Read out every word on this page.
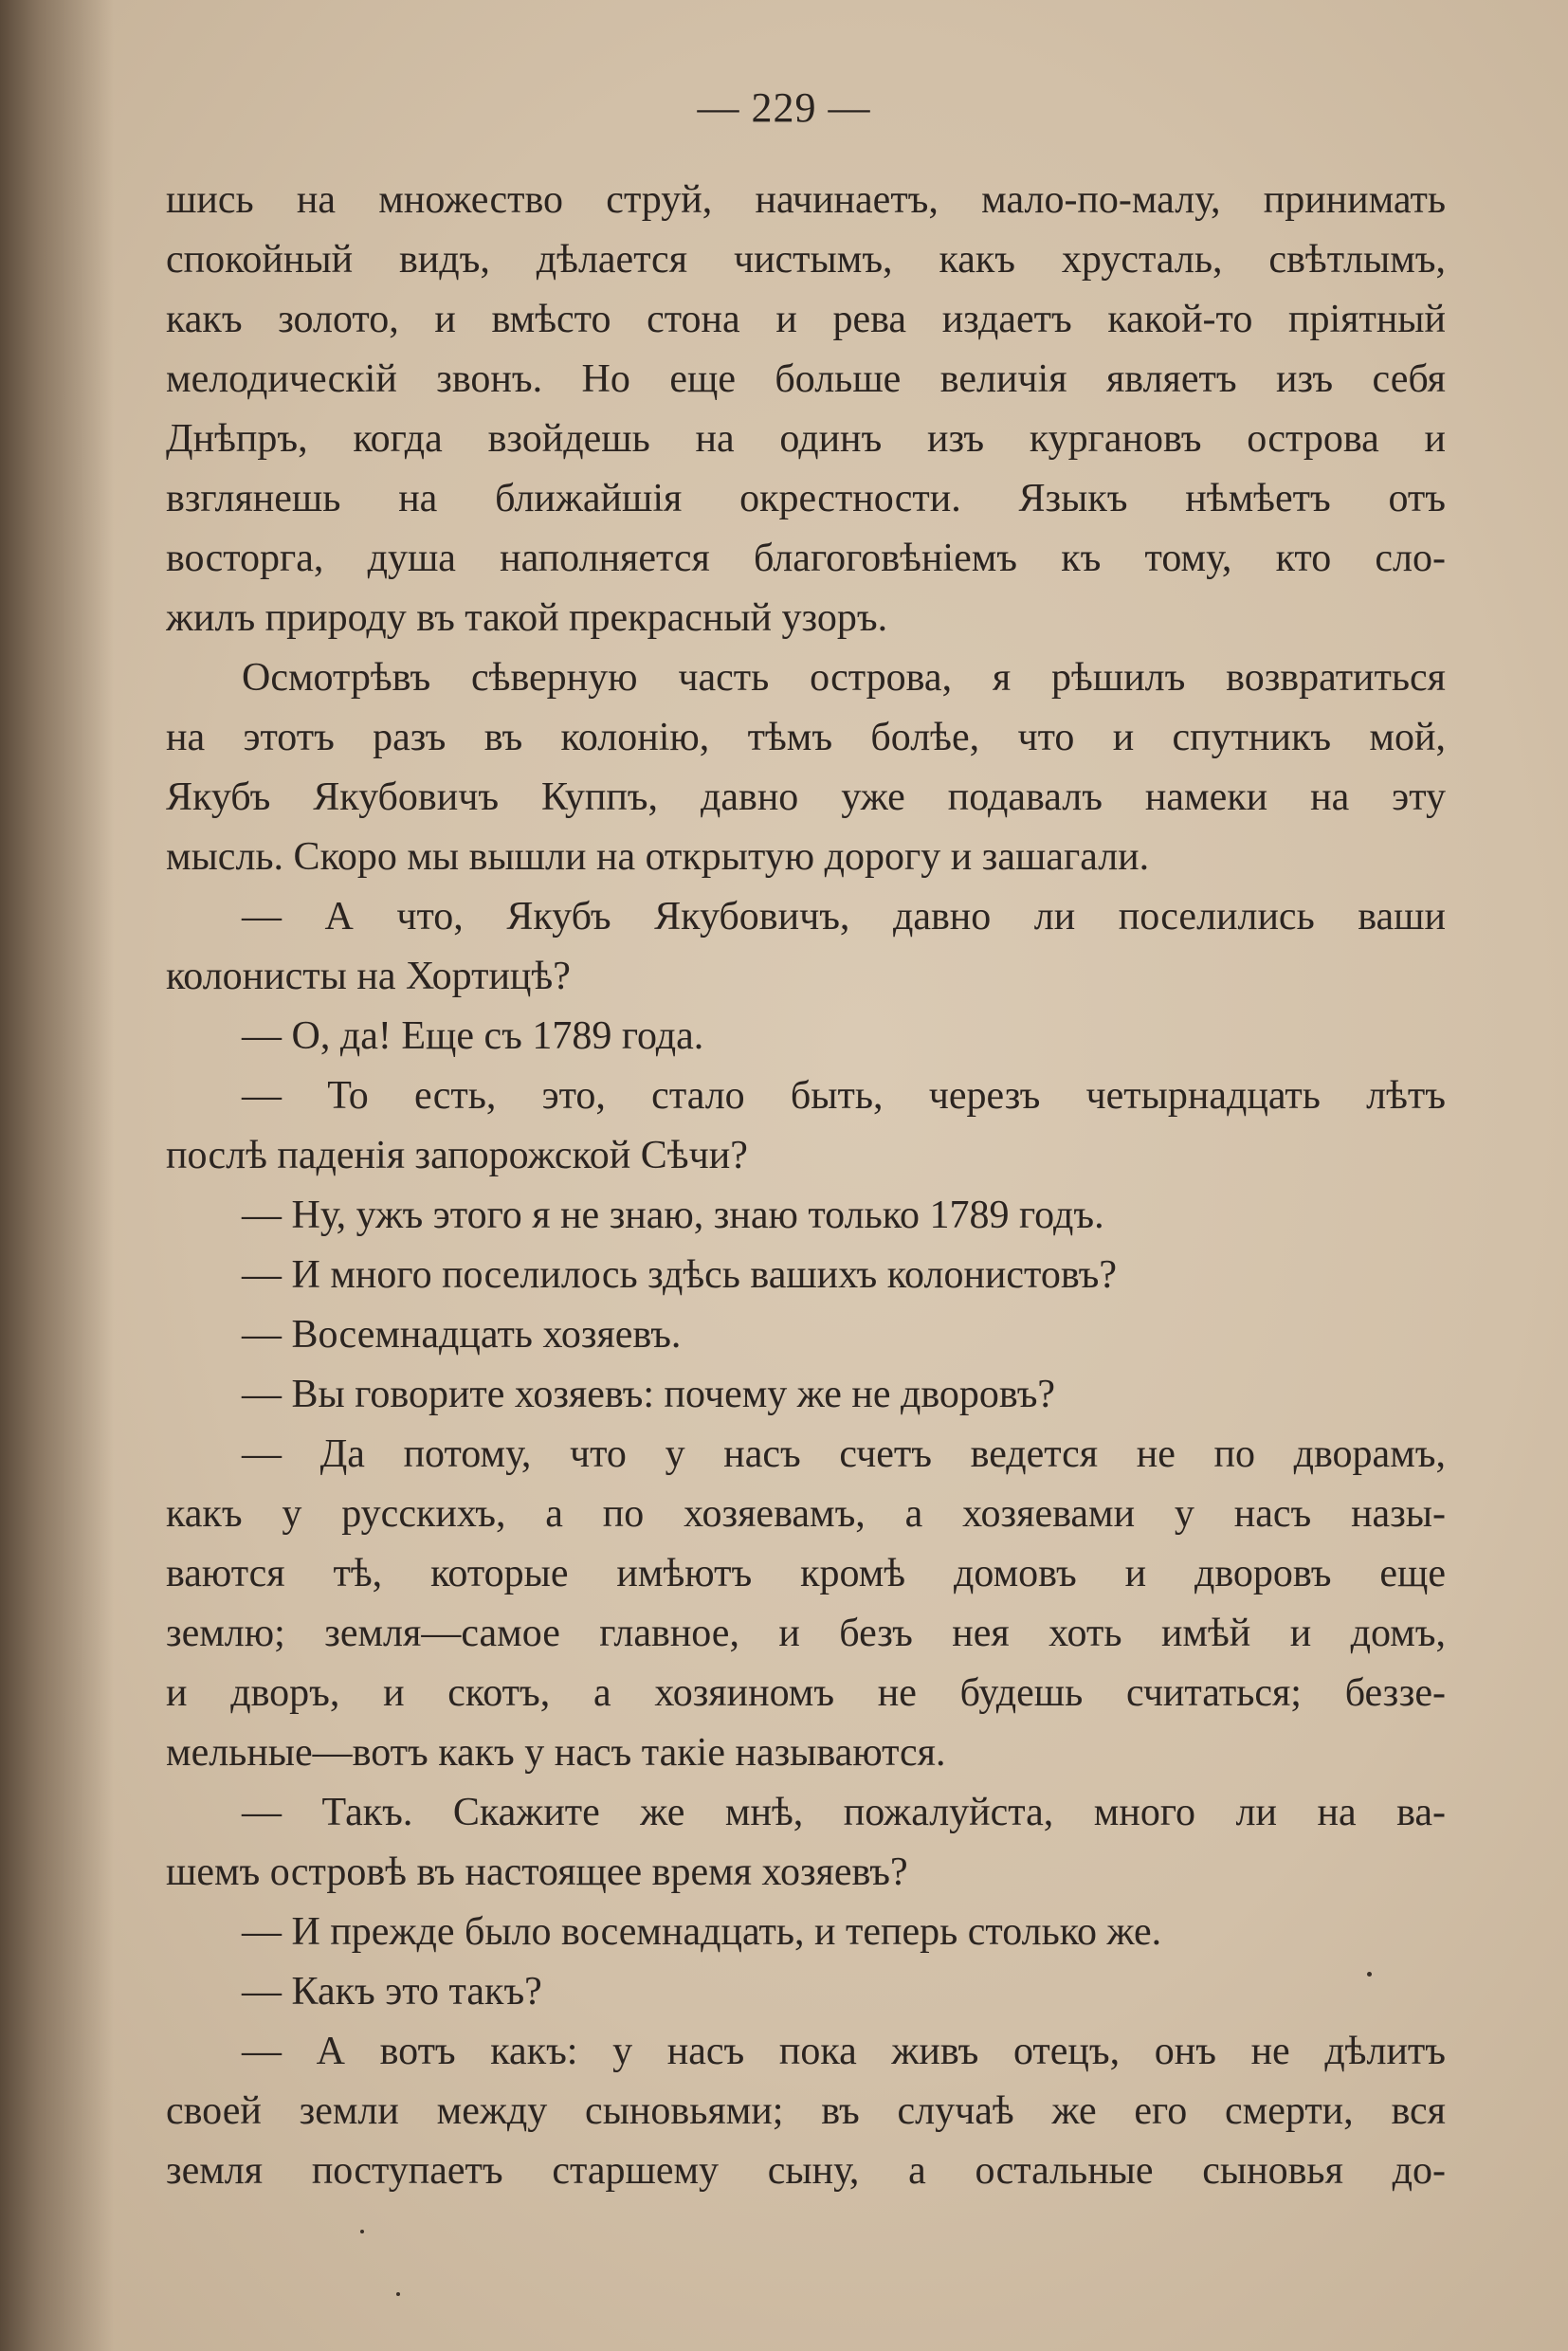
— 229 —
шись на множество струй, начинаетъ, мало-по-малу, принимать
спокойный видъ, дѣлается чистымъ, какъ хрусталь, свѣтлымъ,
какъ золото, и вмѣсто стона и рева издаетъ какой-то пріятный
мелодическій звонъ. Но еще больше величія являетъ изъ себя
Днѣпръ, когда взойдешь на одинъ изъ кургановъ острова и
взглянешь на ближайшія окрестности. Языкъ нѣмѣетъ отъ
восторга, душа наполняется благоговѣніемъ къ тому, кто сло-
жилъ природу въ такой прекрасный узоръ.
Осмотрѣвъ сѣверную часть острова, я рѣшилъ возвратиться
на этотъ разъ въ колонію, тѣмъ болѣе, что и спутникъ мой,
Якубъ Якубовичъ Куппъ, давно уже подавалъ намеки на эту
мысль. Скоро мы вышли на открытую дорогу и зашагали.
— А что, Якубъ Якубовичъ, давно ли поселились ваши
колонисты на Хортицѣ?
— О, да! Еще съ 1789 года.
— То есть, это, стало быть, черезъ четырнадцать лѣтъ
послѣ паденія запорожской Сѣчи?
— Ну, ужъ этого я не знаю, знаю только 1789 годъ.
— И много поселилось здѣсь вашихъ колонистовъ?
— Восемнадцать хозяевъ.
— Вы говорите хозяевъ: почему же не дворовъ?
— Да потому, что у насъ счетъ ведется не по дворамъ,
какъ у русскихъ, а по хозяевамъ, а хозяевами у насъ назы-
ваются тѣ, которые имѣютъ кромѣ домовъ и дворовъ еще
землю; земля—самое главное, и безъ нея хоть имѣй и домъ,
и дворъ, и скотъ, а хозяиномъ не будешь считаться; беззе-
мельные—вотъ какъ у насъ такіе называются.
— Такъ. Скажите же мнѣ, пожалуйста, много ли на ва-
шемъ островѣ въ настоящее время хозяевъ?
— И прежде было восемнадцать, и теперь столько же.
— Какъ это такъ?
— А вотъ какъ: у насъ пока живъ отецъ, онъ не дѣлитъ
своей земли между сыновьями; въ случаѣ же его смерти, вся
земля поступаетъ старшему сыну, а остальные сыновья до-
